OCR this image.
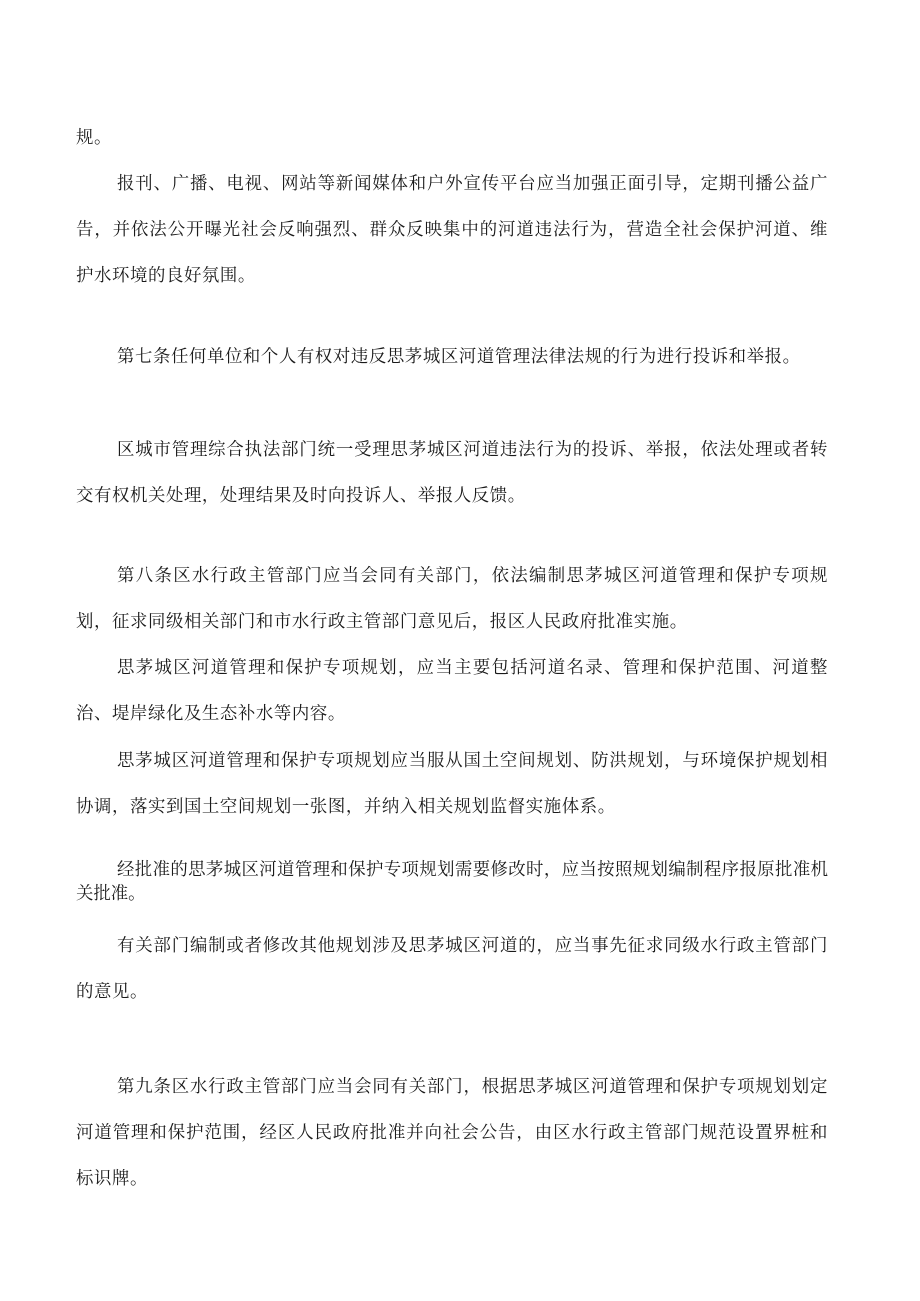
规。

报刊、广播、电视、网站等新闻媒体和户外宣传平台应当加强正面引导，定期刊播公益广告，并依法公开曝光社会反响强烈、群众反映集中的河道违法行为，营造全社会保护河道、维护水环境的良好氛围。

第七条任何单位和个人有权对违反思茅城区河道管理法律法规的行为进行投诉和举报。

区城市管理综合执法部门统一受理思茅城区河道违法行为的投诉、举报，依法处理或者转交有权机关处理，处理结果及时向投诉人、举报人反馈。

第八条区水行政主管部门应当会同有关部门，依法编制思茅城区河道管理和保护专项规划，征求同级相关部门和市水行政主管部门意见后，报区人民政府批准实施。

思茅城区河道管理和保护专项规划，应当主要包括河道名录、管理和保护范围、河道整治、堤岸绿化及生态补水等内容。

思茅城区河道管理和保护专项规划应当服从国土空间规划、防洪规划，与环境保护规划相协调，落实到国土空间规划一张图，并纳入相关规划监督实施体系。

经批准的思茅城区河道管理和保护专项规划需要修改时，应当按照规划编制程序报原批准机关批准。

有关部门编制或者修改其他规划涉及思茅城区河道的，应当事先征求同级水行政主管部门的意见。

第九条区水行政主管部门应当会同有关部门，根据思茅城区河道管理和保护专项规划划定河道管理和保护范围，经区人民政府批准并向社会公告，由区水行政主管部门规范设置界桩和标识牌。
